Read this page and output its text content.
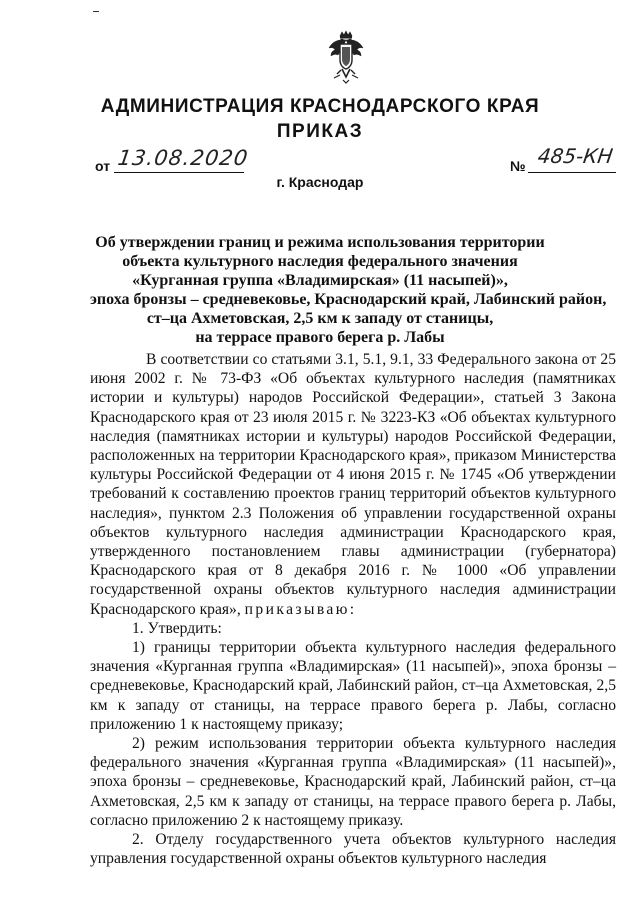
АДМИНИСТРАЦИЯ КРАСНОДАРСКОГО КРАЯ
ПРИКАЗ
от 13.08.2020	№ 485-КН
г. Краснодар
Об утверждении границ и режима использования территории
объекта культурного наследия федерального значения
«Курганная группа «Владимирская» (11 насыпей)»,
эпоха бронзы – средневековье, Краснодарский край, Лабинский район,
ст–ца Ахметовская, 2,5 км к западу от станицы,
на террасе правого берега р. Лабы

В соответствии со статьями 3.1, 5.1, 9.1, 33 Федерального закона от 25 июня 2002 г. № 73-ФЗ «Об объектах культурного наследия (памятниках истории и культуры) народов Российской Федерации», статьей 3 Закона Краснодарского края от 23 июля 2015 г. № 3223-КЗ «Об объектах культурного наследия (памятниках истории и культуры) народов Российской Федерации, расположенных на территории Краснодарского края», приказом Министерства культуры Российской Федерации от 4 июня 2015 г. № 1745 «Об утверждении требований к составлению проектов границ территорий объектов культурного наследия», пунктом 2.3 Положения об управлении государственной охраны объектов культурного наследия администрации Краснодарского края, утвержденного постановлением главы администрации (губернатора) Краснодарского края от 8 декабря 2016 г. № 1000 «Об управлении государственной охраны объектов культурного наследия администрации Краснодарского края», приказываю:

1. Утвердить:

1) границы территории объекта культурного наследия федерального значения «Курганная группа «Владимирская» (11 насыпей)», эпоха бронзы – средневековье, Краснодарский край, Лабинский район, ст–ца Ахметовская, 2,5 км к западу от станицы, на террасе правого берега р. Лабы, согласно приложению 1 к настоящему приказу;

2) режим использования территории объекта культурного наследия федерального значения «Курганная группа «Владимирская» (11 насыпей)», эпоха бронзы – средневековье, Краснодарский край, Лабинский район, ст–ца Ахметовская, 2,5 км к западу от станицы, на террасе правого берега р. Лабы, согласно приложению 2 к настоящему приказу.

2. Отделу государственного учета объектов культурного наследия управления государственной охраны объектов культурного наследия
